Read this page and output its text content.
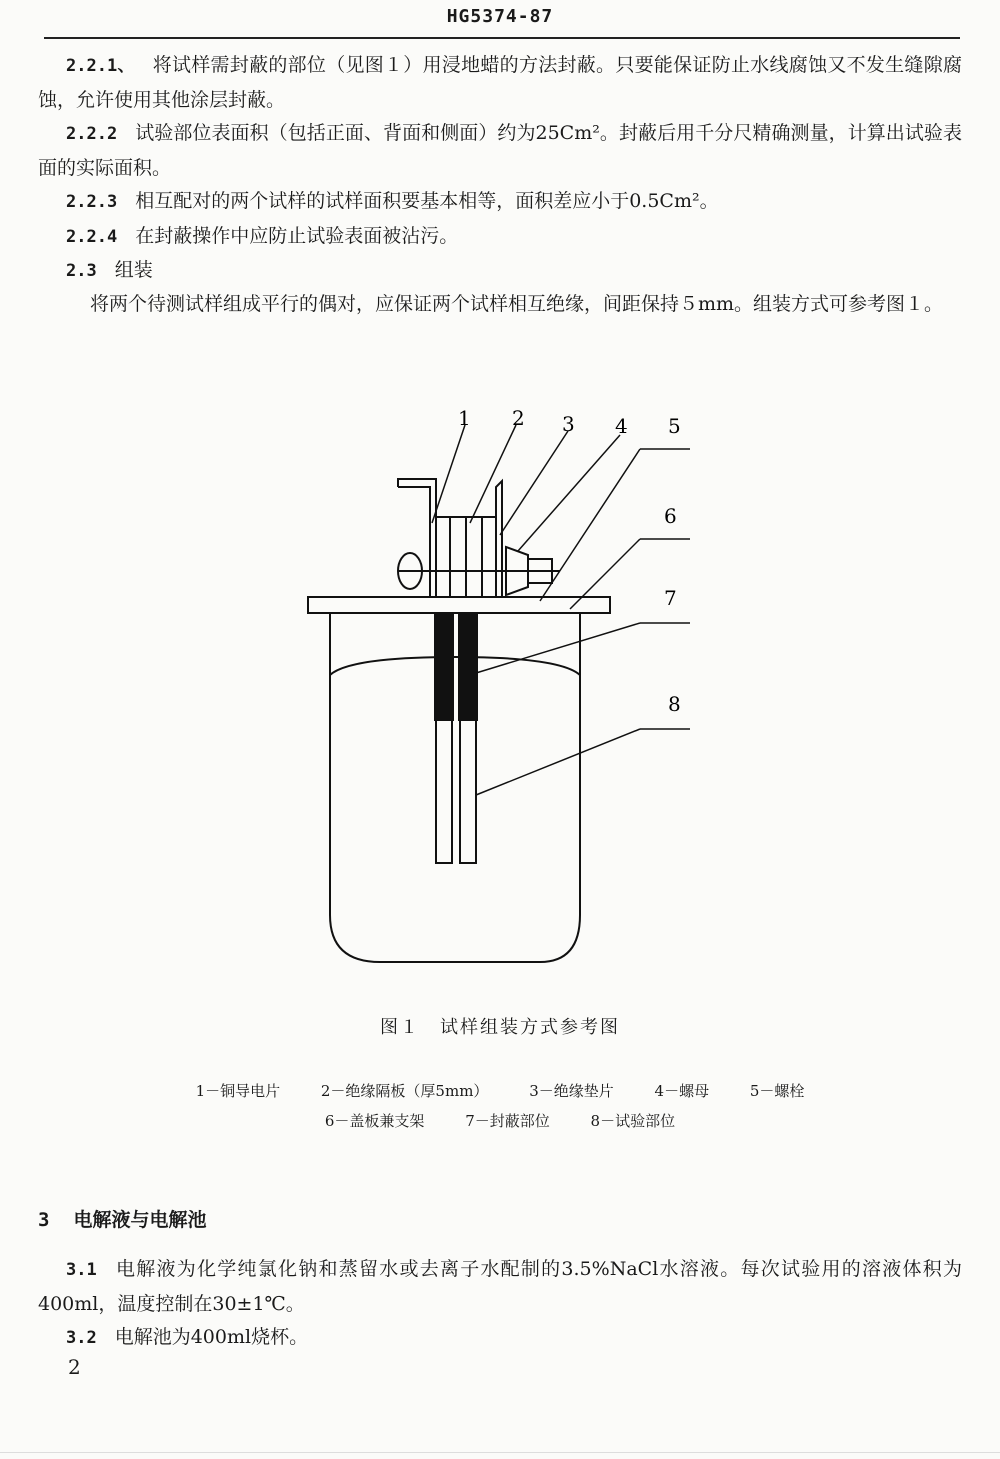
HG5374-87
2.2.1、 将试样需封蔽的部位（见图１）用浸地蜡的方法封蔽。只要能保证防止水线腐蚀又不发生缝隙腐蚀，允许使用其他涂层封蔽。
2.2.2 试验部位表面积（包括正面、背面和侧面）约为25Cm²。封蔽后用千分尺精确测量，计算出试验表面的实际面积。
2.2.3 相互配对的两个试样的试样面积要基本相等，面积差应小于0.5Cm²。
2.2.4 在封蔽操作中应防止试验表面被沾污。
2.3 组装
将两个待测试样组成平行的偶对，应保证两个试样相互绝缘，间距保持５mm。组装方式可参考图１。
1 2 3 4 5
6
7
8
图１　试样组装方式参考图
1－铜导电片	2－绝缘隔板（厚5mm）	3－绝缘垫片	4－螺母	5－螺栓
6－盖板兼支架	7－封蔽部位	8－试验部位
3 电解液与电解池
3.1 电解液为化学纯氯化钠和蒸留水或去离子水配制的3.5%NaCl水溶液。每次试验用的溶液体积为400ml，温度控制在30±1℃。
3.2 电解池为400ml烧杯。
2
